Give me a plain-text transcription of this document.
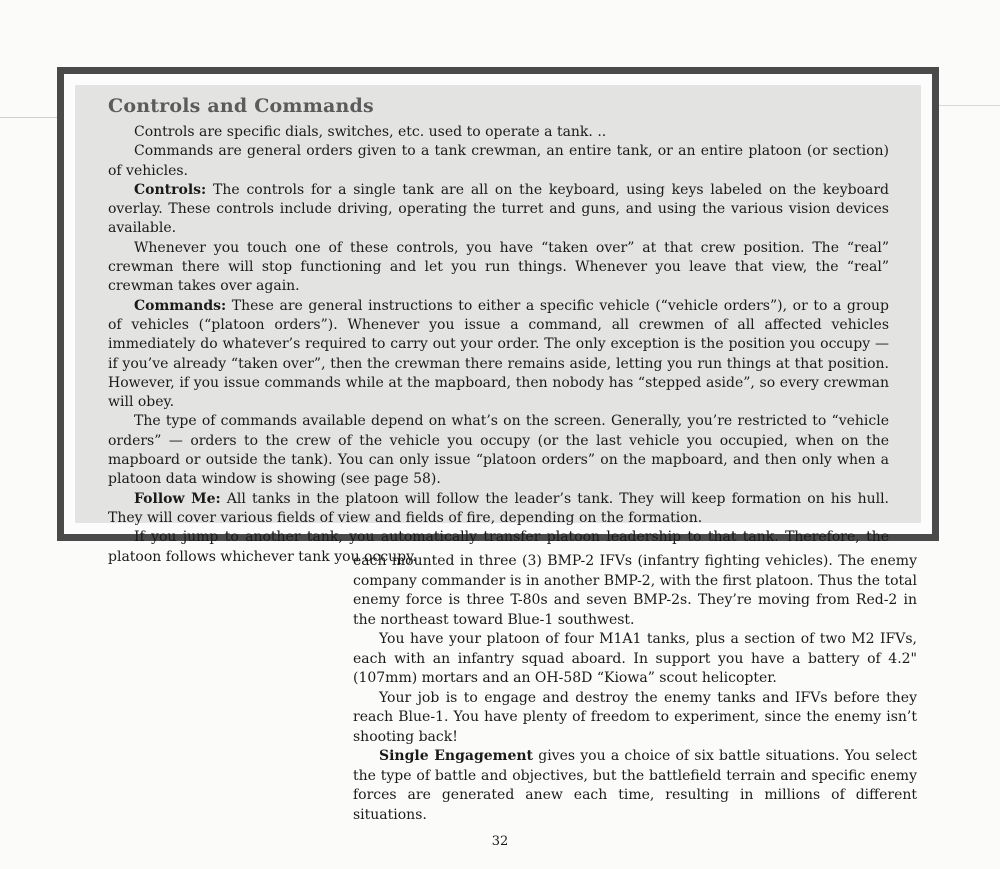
Controls and Commands

Controls are specific dials, switches, etc. used to operate a tank. ..

Commands are general orders given to a tank crewman, an entire tank, or an entire platoon (or section) of vehicles.

Controls: The controls for a single tank are all on the keyboard, using keys labeled on the keyboard overlay. These controls include driving, operating the turret and guns, and using the various vision devices available.

Whenever you touch one of these controls, you have “taken over” at that crew position. The “real” crewman there will stop functioning and let you run things. Whenever you leave that view, the “real” crewman takes over again.

Commands: These are general instructions to either a specific vehicle (“vehicle orders”), or to a group of vehicles (“platoon orders”). Whenever you issue a command, all crewmen of all affected vehicles immediately do whatever’s required to carry out your order. The only exception is the position you occupy — if you’ve already “taken over”, then the crewman there remains aside, letting you run things at that position. However, if you issue commands while at the mapboard, then nobody has “stepped aside”, so every crewman will obey.

The type of commands available depend on what’s on the screen. Generally, you’re restricted to “vehicle orders” — orders to the crew of the vehicle you occupy (or the last vehicle you occupied, when on the mapboard or outside the tank). You can only issue “platoon orders” on the mapboard, and then only when a platoon data window is showing (see page 58).

Follow Me: All tanks in the platoon will follow the leader’s tank. They will keep formation on his hull. They will cover various fields of view and fields of fire, depending on the formation.

If you jump to another tank, you automatically transfer platoon leadership to that tank. Therefore, the platoon follows whichever tank you occupy.

each mounted in three (3) BMP-2 IFVs (infantry fighting vehicles). The enemy company commander is in another BMP-2, with the first platoon. Thus the total enemy force is three T-80s and seven BMP-2s. They’re moving from Red-2 in the northeast toward Blue-1 southwest.

You have your platoon of four M1A1 tanks, plus a section of two M2 IFVs, each with an infantry squad aboard. In support you have a battery of 4.2" (107mm) mortars and an OH-58D “Kiowa” scout helicopter.

Your job is to engage and destroy the enemy tanks and IFVs before they reach Blue-1. You have plenty of freedom to experiment, since the enemy isn’t shooting back!

Single Engagement gives you a choice of six battle situations. You select the type of battle and objectives, but the battlefield terrain and specific enemy forces are generated anew each time, resulting in millions of different situations.

32
